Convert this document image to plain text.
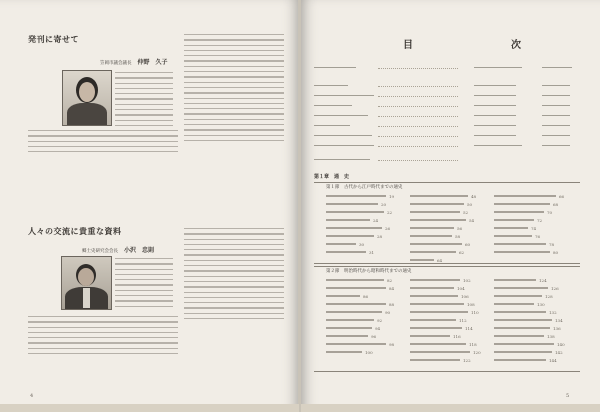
発刊に寄せて
笠岡市議会議長 仲野　久子
人々の交流に貴重な資料
郷土史研究会会長 小沢　忠則
4
目　　次
第１章　 通　史
第１節　古代から江戸時代までの通史
19
20
22
24
26
28
30
31
48
50
52
54
56
58
60
62
64
66
68
70
72
74
76
78
80
第２節　明治時代から昭和時代までの通史
82
84
86
88
90
92
94
96
98
100
102
104
106
108
110
112
114
116
118
120
122
124
126
128
130
132
134
136
138
140
142
144
5
